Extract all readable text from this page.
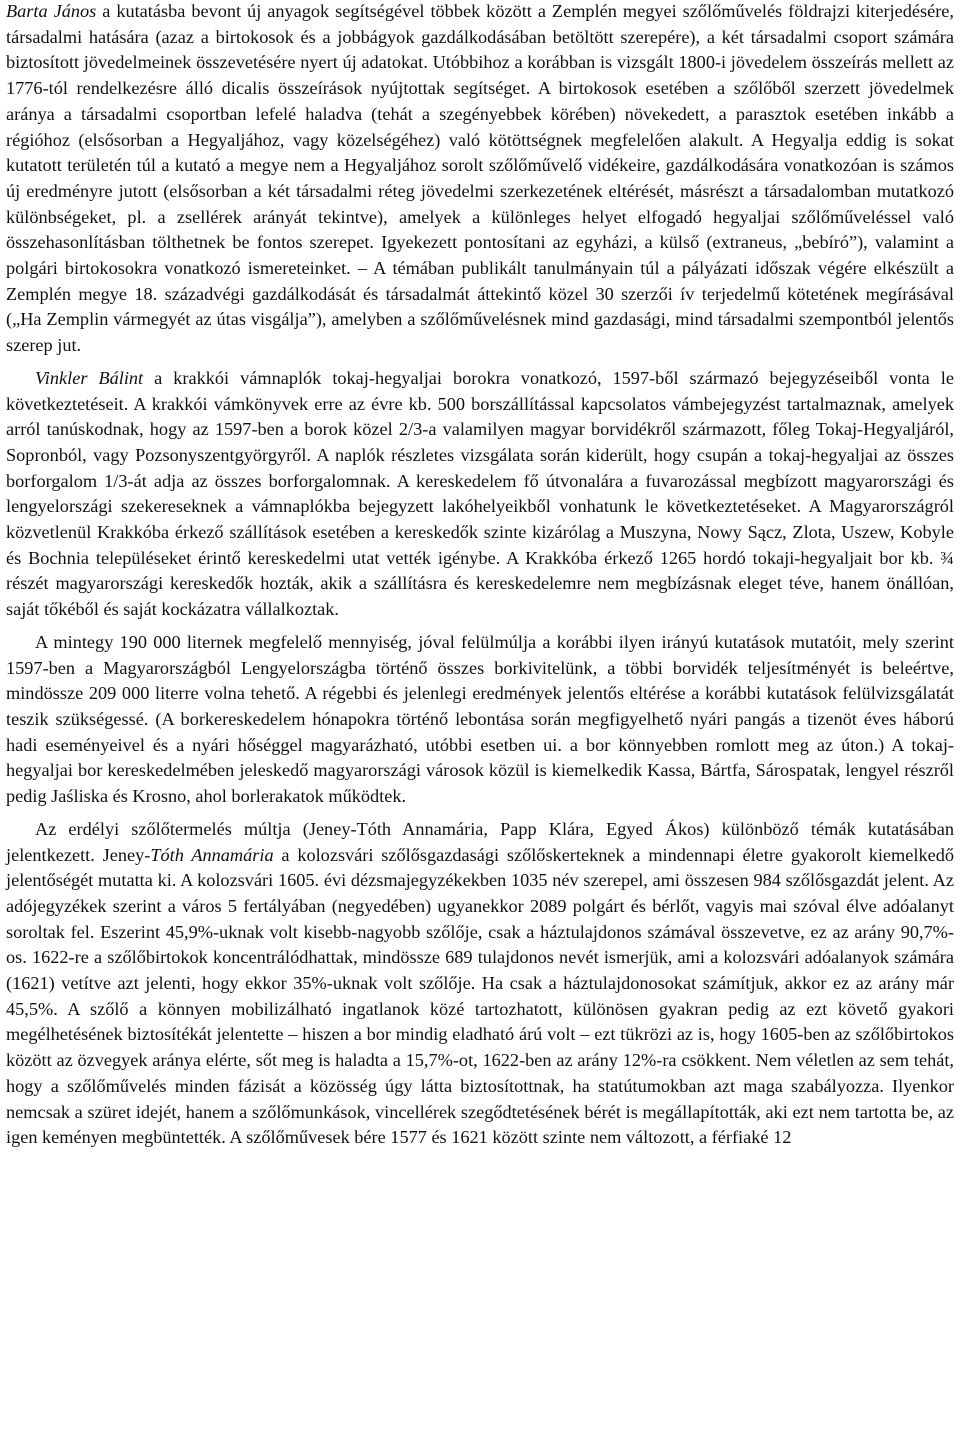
Barta János a kutatásba bevont új anyagok segítségével többek között a Zemplén megyei szőlőművelés földrajzi kiterjedésére, társadalmi hatására (azaz a birtokosok és a jobbágyok gazdálkodásában betöltött szerepére), a két társadalmi csoport számára biztosított jövedelmeinek összevetésére nyert új adatokat. Utóbbihoz a korábban is vizsgált 1800-i jövedelem összeírás mellett az 1776-tól rendelkezésre álló dicalis összeírások nyújtottak segítséget. A birtokosok esetében a szőlőből szerzett jövedelmek aránya a társadalmi csoportban lefelé haladva (tehát a szegényebbek körében) növekedett, a parasztok esetében inkább a régióhoz (elsősorban a Hegyaljához, vagy közelségéhez) való kötöttségnek megfelelően alakult. A Hegyalja eddig is sokat kutatott területén túl a kutató a megye nem a Hegyaljához sorolt szőlőművelő vidékeire, gazdálkodására vonatkozóan is számos új eredményre jutott (elsősorban a két társadalmi réteg jövedelmi szerkezetének eltérését, másrészt a társadalomban mutatkozó különbségeket, pl. a zsellérek arányát tekintve), amelyek a különleges helyet elfogadó hegyaljai szőlőműveléssel való összehasonlításban tölthetnek be fontos szerepet. Igyekezett pontosítani az egyházi, a külső (extraneus, „bebíró”), valamint a polgári birtokosokra vonatkozó ismereteinket. – A témában publikált tanulmányain túl a pályázati időszak végére elkészült a Zemplén megye 18. századvégi gazdálkodását és társadalmát áttekintő közel 30 szerzői ív terjedelmű kötetének megírásával („Ha Zemplin vármegyét az útas visgálja”), amelyben a szőlőművelésnek mind gazdasági, mind társadalmi szempontból jelentős szerep jut.

Vinkler Bálint a krakkói vámnaplók tokaj-hegyaljai borokra vonatkozó, 1597-ből származó bejegyzéseiből vonta le következtetéseit. A krakkói vámkönyvek erre az évre kb. 500 borszállítással kapcsolatos vámbejegyzést tartalmaznak, amelyek arról tanúskodnak, hogy az 1597-ben a borok közel 2/3-a valamilyen magyar borvidékről származott, főleg Tokaj-Hegyaljáról, Sopronból, vagy Pozsonyszentgyörgyről. A naplók részletes vizsgálata során kiderült, hogy csupán a tokaj-hegyaljai az összes borforgalom 1/3-át adja az összes borforgalomnak. A kereskedelem fő útvonalára a fuvarozással megbízott magyarországi és lengyelországi szekereseknek a vámnaplókba bejegyzett lakóhelyeikből vonhatunk le következtetéseket. A Magyarországról közvetlenül Krakkóba érkező szállítások esetében a kereskedők szinte kizárólag a Muszyna, Nowy Sącz, Zlota, Uszew, Kobyle és Bochnia településeket érintő kereskedelmi utat vették igénybe. A Krakkóba érkező 1265 hordó tokaji-hegyaljait bor kb. ¾ részét magyarországi kereskedők hozták, akik a szállításra és kereskedelemre nem megbízásnak eleget téve, hanem önállóan, saját tőkéből és saját kockázatra vállalkoztak.

A mintegy 190 000 liternek megfelelő mennyiség, jóval felülmúlja a korábbi ilyen irányú kutatások mutatóit, mely szerint 1597-ben a Magyarországból Lengyelországba történő összes borkivitelünk, a többi borvidék teljesítményét is beleértve, mindössze 209 000 literre volna tehető. A régebbi és jelenlegi eredmények jelentős eltérése a korábbi kutatások felülvizsgálatát teszik szükségessé. (A borkereskedelem hónapokra történő lebontása során megfigyelhető nyári pangás a tizenöt éves háború hadi eseményeivel és a nyári hőséggel magyarázható, utóbbi esetben ui. a bor könnyebben romlott meg az úton.) A tokaj-hegyaljai bor kereskedelmében jeleskedő magyarországi városok közül is kiemelkedik Kassa, Bártfa, Sárospatak, lengyel részről pedig Jaśliska és Krosno, ahol borlerakatok működtek.

Az erdélyi szőlőtermelés múltja (Jeney-Tóth Annamária, Papp Klára, Egyed Ákos) különböző témák kutatásában jelentkezett. Jeney-Tóth Annamária a kolozsvári szőlősgazdasági szőlőskerteknek a mindennapi életre gyakorolt kiemelkedő jelentőségét mutatta ki. A kolozsvári 1605. évi dézsmajegyzékekben 1035 név szerepel, ami összesen 984 szőlősgazdát jelent. Az adójegyzékek szerint a város 5 fertályában (negyedében) ugyanekkor 2089 polgárt és bérlőt, vagyis mai szóval élve adóalanyt soroltak fel. Eszerint 45,9%-uknak volt kisebb-nagyobb szőlője, csak a háztulajdonos számával összevetve, ez az arány 90,7%-os. 1622-re a szőlőbirtokok koncentrálódhattak, mindössze 689 tulajdonos nevét ismerjük, ami a kolozsvári adóalanyok számára (1621) vetítve azt jelenti, hogy ekkor 35%-uknak volt szőlője. Ha csak a háztulajdonosokat számítjuk, akkor ez az arány már 45,5%. A szőlő a könnyen mobilizálható ingatlanok közé tartozhatott, különösen gyakran pedig az ezt követő gyakori megélhetésének biztosítékát jelentette – hiszen a bor mindig eladható árú volt – ezt tükrözi az is, hogy 1605-ben az szőlőbirtokos között az özvegyek aránya elérte, sőt meg is haladta a 15,7%-ot, 1622-ben az arány 12%-ra csökkent. Nem véletlen az sem tehát, hogy a szőlőművelés minden fázisát a közösség úgy látta biztosítottnak, ha statútumokban azt maga szabályozza. Ilyenkor nemcsak a szüret idejét, hanem a szőlőmunkások, vincellérek szegődtetésének bérét is megállapították, aki ezt nem tartotta be, az igen keményen megbüntették. A szőlőművesek bére 1577 és 1621 között szinte nem változott, a férfiaké 12
